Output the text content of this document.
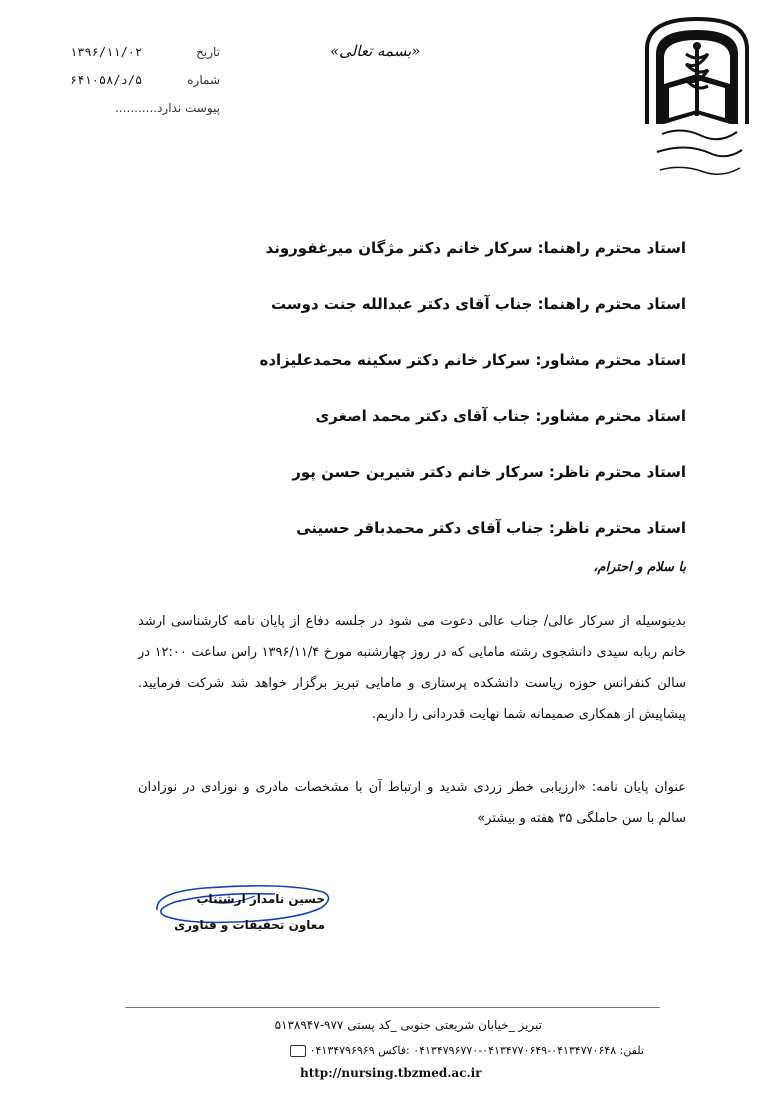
«بسمه تعالی»
تاریخ
۱۳۹۶/۱۱/۰۲
شماره
۵/د/۶۴۱۰۵۸
پیوست ندارد...........
استاد محترم راهنما: سرکار خانم دکتر مژگان میرغفوروند
استاد محترم راهنما: جناب آقای دکتر عبدالله جنت دوست
استاد محترم مشاور: سرکار خانم دکتر سکینه محمدعلیزاده
استاد محترم مشاور: جناب آقای دکتر محمد اصغری
استاد محترم ناظر: سرکار خانم دکتر شیرین حسن پور
استاد محترم ناظر: جناب آقای دکتر محمدباقر حسینی
با سلام و احترام،
بدینوسیله از سرکار عالی/ جناب عالی دعوت می شود در جلسه دفاع از پایان نامه کارشناسی ارشد خانم ربابه سیدی دانشجوی رشته مامایی که در روز چهارشنبه مورخ ۱۳۹۶/۱۱/۴ راس ساعت ۱۲:۰۰ در سالن کنفرانس حوزه ریاست دانشکده پرستاری و مامایی تبریز برگزار خواهد شد شرکت فرمایید. پیشاپیش از همکاری صمیمانه شما نهایت قدردانی را داریم.
عنوان پایان نامه: «ارزیابی خطر زردی شدید و ارتباط آن با مشخصات مادری و نوزادی در نوزادان سالم با سن حاملگی ۳۵ هفته و بیشتر»
حسین نامدار ارشتناب
معاون تحقیقات و فناوری
تبریز _خیابان شریعتی جنوبی _کد پستی ۹۷۷-۵۱۳۸۹۴۷
تلفن: ۰۴۱۳۴۷۷۰۶۴۸-۰۴۱۳۴۷۷۰۶۴۹-۰۴۱۳۴۷۹۶۷۷۰ :فاکس ۰۴۱۳۴۷۹۶۹۶۹
http://nursing.tbzmed.ac.ir
